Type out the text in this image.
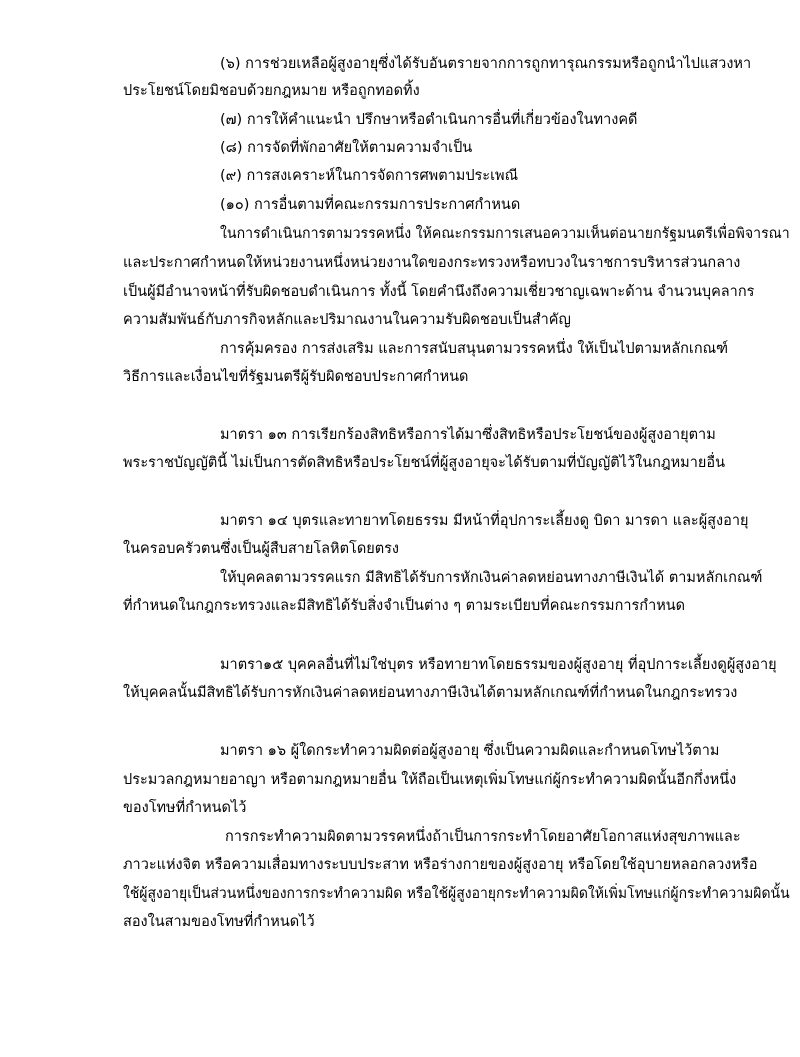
(๖) การช่วยเหลือผู้สูงอายุซึ่งได้รับอันตรายจากการถูกทารุณกรรมหรือถูกนำไปแสวงหา
ประโยชน์โดยมิชอบด้วยกฎหมาย หรือถูกทอดทิ้ง
(๗) การให้คำแนะนำ ปรึกษาหรือดำเนินการอื่นที่เกี่ยวข้องในทางคดี
(๘) การจัดที่พักอาศัยให้ตามความจำเป็น
(๙) การสงเคราะห์ในการจัดการศพตามประเพณี
(๑๐) การอื่นตามที่คณะกรรมการประกาศกำหนด
ในการดำเนินการตามวรรคหนึ่ง ให้คณะกรรมการเสนอความเห็นต่อนายกรัฐมนตรีเพื่อพิจารณา
และประกาศกำหนดให้หน่วยงานหนึ่งหน่วยงานใดของกระทรวงหรือทบวงในราชการบริหารส่วนกลาง
เป็นผู้มีอำนาจหน้าที่รับผิดชอบดำเนินการ ทั้งนี้ โดยคำนึงถึงความเชี่ยวชาญเฉพาะด้าน จำนวนบุคลากร
ความสัมพันธ์กับภารกิจหลักและปริมาณงานในความรับผิดชอบเป็นสำคัญ
การคุ้มครอง การส่งเสริม และการสนับสนุนตามวรรคหนึ่ง ให้เป็นไปตามหลักเกณฑ์
วิธีการและเงื่อนไขที่รัฐมนตรีผู้รับผิดชอบประกาศกำหนด
มาตรา ๑๓ การเรียกร้องสิทธิหรือการได้มาซึ่งสิทธิหรือประโยชน์ของผู้สูงอายุตาม
พระราชบัญญัตินี้ ไม่เป็นการตัดสิทธิหรือประโยชน์ที่ผู้สูงอายุจะได้รับตามที่บัญญัติไว้ในกฎหมายอื่น
มาตรา ๑๔ บุตรและทายาทโดยธรรม มีหน้าที่อุปการะเลี้ยงดู บิดา มารดา และผู้สูงอายุ
ในครอบครัวตนซึ่งเป็นผู้สืบสายโลหิตโดยตรง
ให้บุคคลตามวรรคแรก มีสิทธิได้รับการหักเงินค่าลดหย่อนทางภาษีเงินได้ ตามหลักเกณฑ์
ที่กำหนดในกฎกระทรวงและมีสิทธิได้รับสิ่งจำเป็นต่าง ๆ ตามระเบียบที่คณะกรรมการกำหนด
มาตรา๑๕ บุคคลอื่นที่ไม่ใช่บุตร หรือทายาทโดยธรรมของผู้สูงอายุ ที่อุปการะเลี้ยงดูผู้สูงอายุ
ให้บุคคลนั้นมีสิทธิได้รับการหักเงินค่าลดหย่อนทางภาษีเงินได้ตามหลักเกณฑ์ที่กำหนดในกฎกระทรวง
มาตรา ๑๖ ผู้ใดกระทำความผิดต่อผู้สูงอายุ ซึ่งเป็นความผิดและกำหนดโทษไว้ตาม
ประมวลกฎหมายอาญา หรือตามกฎหมายอื่น ให้ถือเป็นเหตุเพิ่มโทษแก่ผู้กระทำความผิดนั้นอีกกึ่งหนึ่ง
ของโทษที่กำหนดไว้
การกระทำความผิดตามวรรคหนึ่งถ้าเป็นการกระทำโดยอาศัยโอกาสแห่งสุขภาพและ
ภาวะแห่งจิต หรือความเสื่อมทางระบบประสาท หรือร่างกายของผู้สูงอายุ หรือโดยใช้อุบายหลอกลวงหรือ
ใช้ผู้สูงอายุเป็นส่วนหนึ่งของการกระทำความผิด หรือใช้ผู้สูงอายุกระทำความผิดให้เพิ่มโทษแก่ผู้กระทำความผิดนั้น
สองในสามของโทษที่กำหนดไว้
